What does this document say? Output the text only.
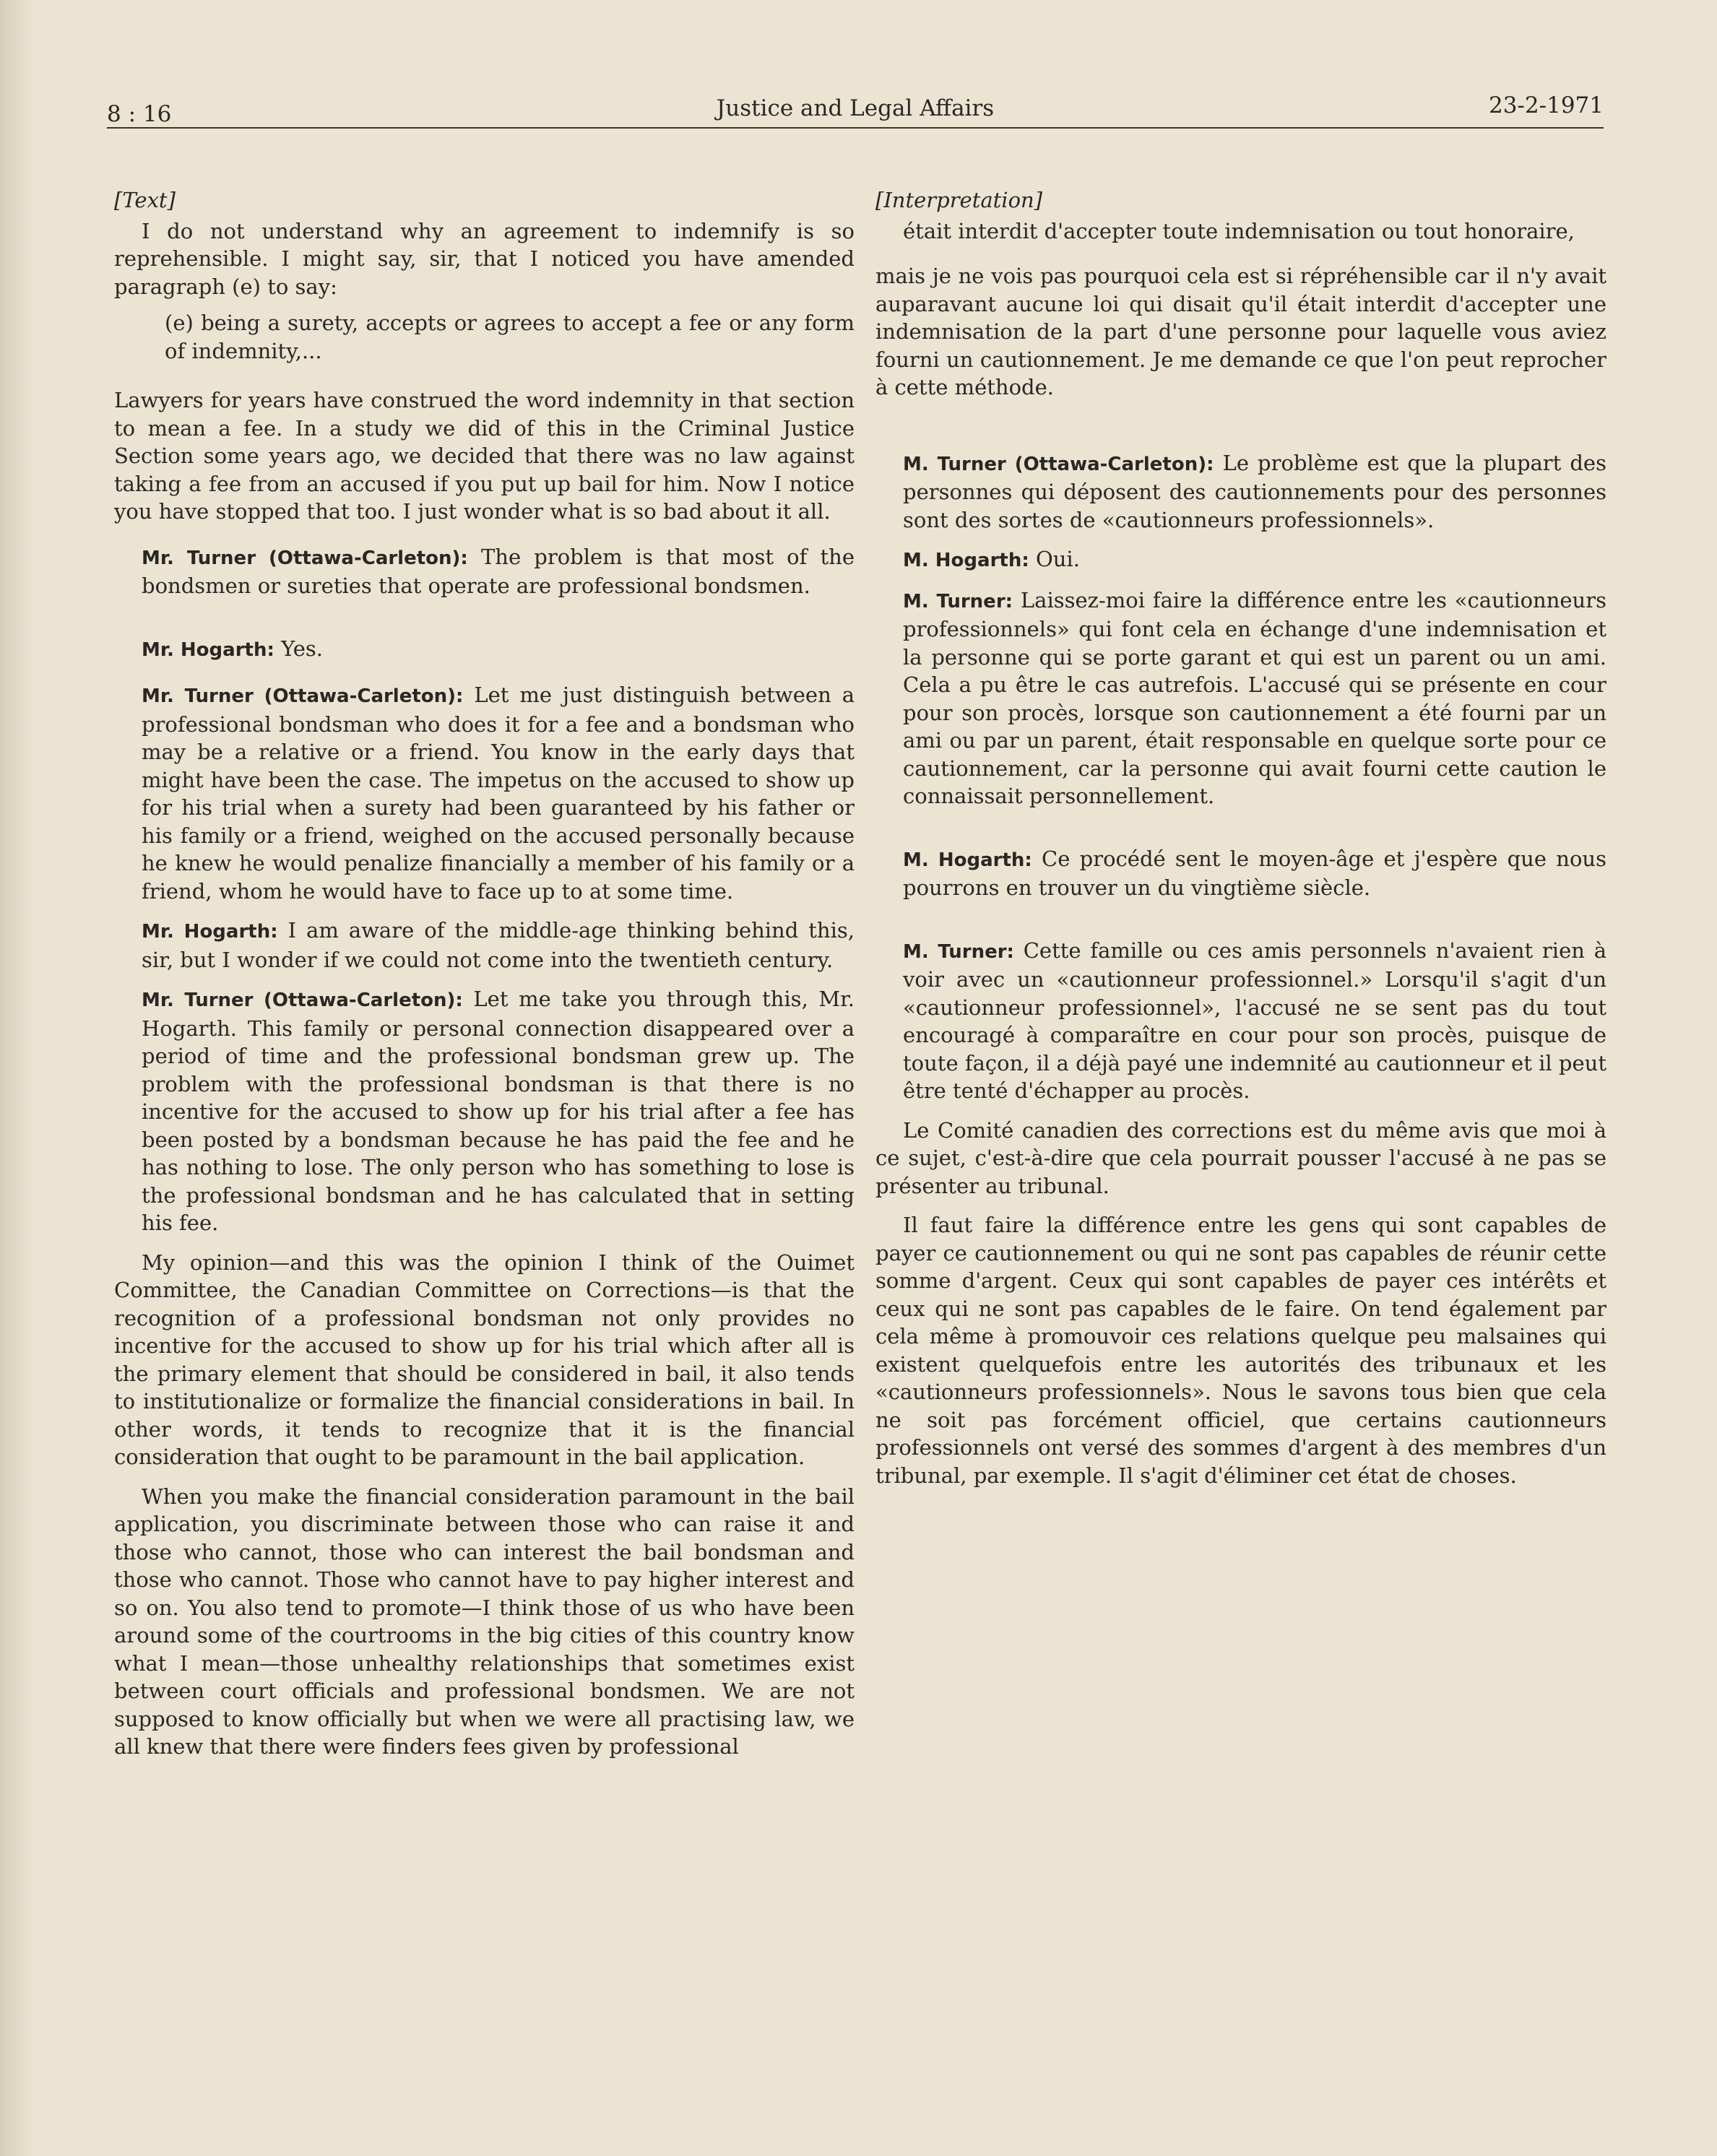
8 : 16	Justice and Legal Affairs	23-2-1971

[Text]

I do not understand why an agreement to indemnify is so reprehensible. I might say, sir, that I noticed you have amended paragraph (e) to say:

(e) being a surety, accepts or agrees to accept a fee or any form of indemnity,...

Lawyers for years have construed the word indemnity in that section to mean a fee. In a study we did of this in the Criminal Justice Section some years ago, we decided that there was no law against taking a fee from an accused if you put up bail for him. Now I notice you have stopped that too. I just wonder what is so bad about it all.

Mr. Turner (Ottawa-Carleton): The problem is that most of the bondsmen or sureties that operate are professional bondsmen.

Mr. Hogarth: Yes.

Mr. Turner (Ottawa-Carleton): Let me just distinguish between a professional bondsman who does it for a fee and a bondsman who may be a relative or a friend. You know in the early days that might have been the case. The impetus on the accused to show up for his trial when a surety had been guaranteed by his father or his family or a friend, weighed on the accused personally because he knew he would penalize financially a member of his family or a friend, whom he would have to face up to at some time.

Mr. Hogarth: I am aware of the middle-age thinking behind this, sir, but I wonder if we could not come into the twentieth century.

Mr. Turner (Ottawa-Carleton): Let me take you through this, Mr. Hogarth. This family or personal connection disappeared over a period of time and the professional bondsman grew up. The problem with the professional bondsman is that there is no incentive for the accused to show up for his trial after a fee has been posted by a bondsman because he has paid the fee and he has nothing to lose. The only person who has something to lose is the professional bondsman and he has calculated that in setting his fee.

My opinion—and this was the opinion I think of the Ouimet Committee, the Canadian Committee on Corrections—is that the recognition of a professional bondsman not only provides no incentive for the accused to show up for his trial which after all is the primary element that should be considered in bail, it also tends to institutionalize or formalize the financial considerations in bail. In other words, it tends to recognize that it is the financial consideration that ought to be paramount in the bail application.

When you make the financial consideration paramount in the bail application, you discriminate between those who can raise it and those who cannot, those who can interest the bail bondsman and those who cannot. Those who cannot have to pay higher interest and so on. You also tend to promote—I think those of us who have been around some of the courtrooms in the big cities of this country know what I mean—those unhealthy relationships that sometimes exist between court officials and professional bondsmen. We are not supposed to know officially but when we were all practising law, we all knew that there were finders fees given by professional

[Interpretation]

était interdit d'accepter toute indemnisation ou tout honoraire,

mais je ne vois pas pourquoi cela est si répréhensible car il n'y avait auparavant aucune loi qui disait qu'il était interdit d'accepter une indemnisation de la part d'une personne pour laquelle vous aviez fourni un cautionnement. Je me demande ce que l'on peut reprocher à cette méthode.

M. Turner (Ottawa-Carleton): Le problème est que la plupart des personnes qui déposent des cautionnements pour des personnes sont des sortes de «cautionneurs professionnels».

M. Hogarth: Oui.

M. Turner: Laissez-moi faire la différence entre les «cautionneurs professionnels» qui font cela en échange d'une indemnisation et la personne qui se porte garant et qui est un parent ou un ami. Cela a pu être le cas autrefois. L'accusé qui se présente en cour pour son procès, lorsque son cautionnement a été fourni par un ami ou par un parent, était responsable en quelque sorte pour ce cautionnement, car la personne qui avait fourni cette caution le connaissait personnellement.

M. Hogarth: Ce procédé sent le moyen-âge et j'espère que nous pourrons en trouver un du vingtième siècle.

M. Turner: Cette famille ou ces amis personnels n'avaient rien à voir avec un «cautionneur professionnel.» Lorsqu'il s'agit d'un «cautionneur professionnel», l'accusé ne se sent pas du tout encouragé à comparaître en cour pour son procès, puisque de toute façon, il a déjà payé une indemnité au cautionneur et il peut être tenté d'échapper au procès.

Le Comité canadien des corrections est du même avis que moi à ce sujet, c'est-à-dire que cela pourrait pousser l'accusé à ne pas se présenter au tribunal.

Il faut faire la différence entre les gens qui sont capables de payer ce cautionnement ou qui ne sont pas capables de réunir cette somme d'argent. Ceux qui sont capables de payer ces intérêts et ceux qui ne sont pas capables de le faire. On tend également par cela même à promouvoir ces relations quelque peu malsaines qui existent quelquefois entre les autorités des tribunaux et les «cautionneurs professionnels». Nous le savons tous bien que cela ne soit pas forcément officiel, que certains cautionneurs professionnels ont versé des sommes d'argent à des membres d'un tribunal, par exemple. Il s'agit d'éliminer cet état de choses.
